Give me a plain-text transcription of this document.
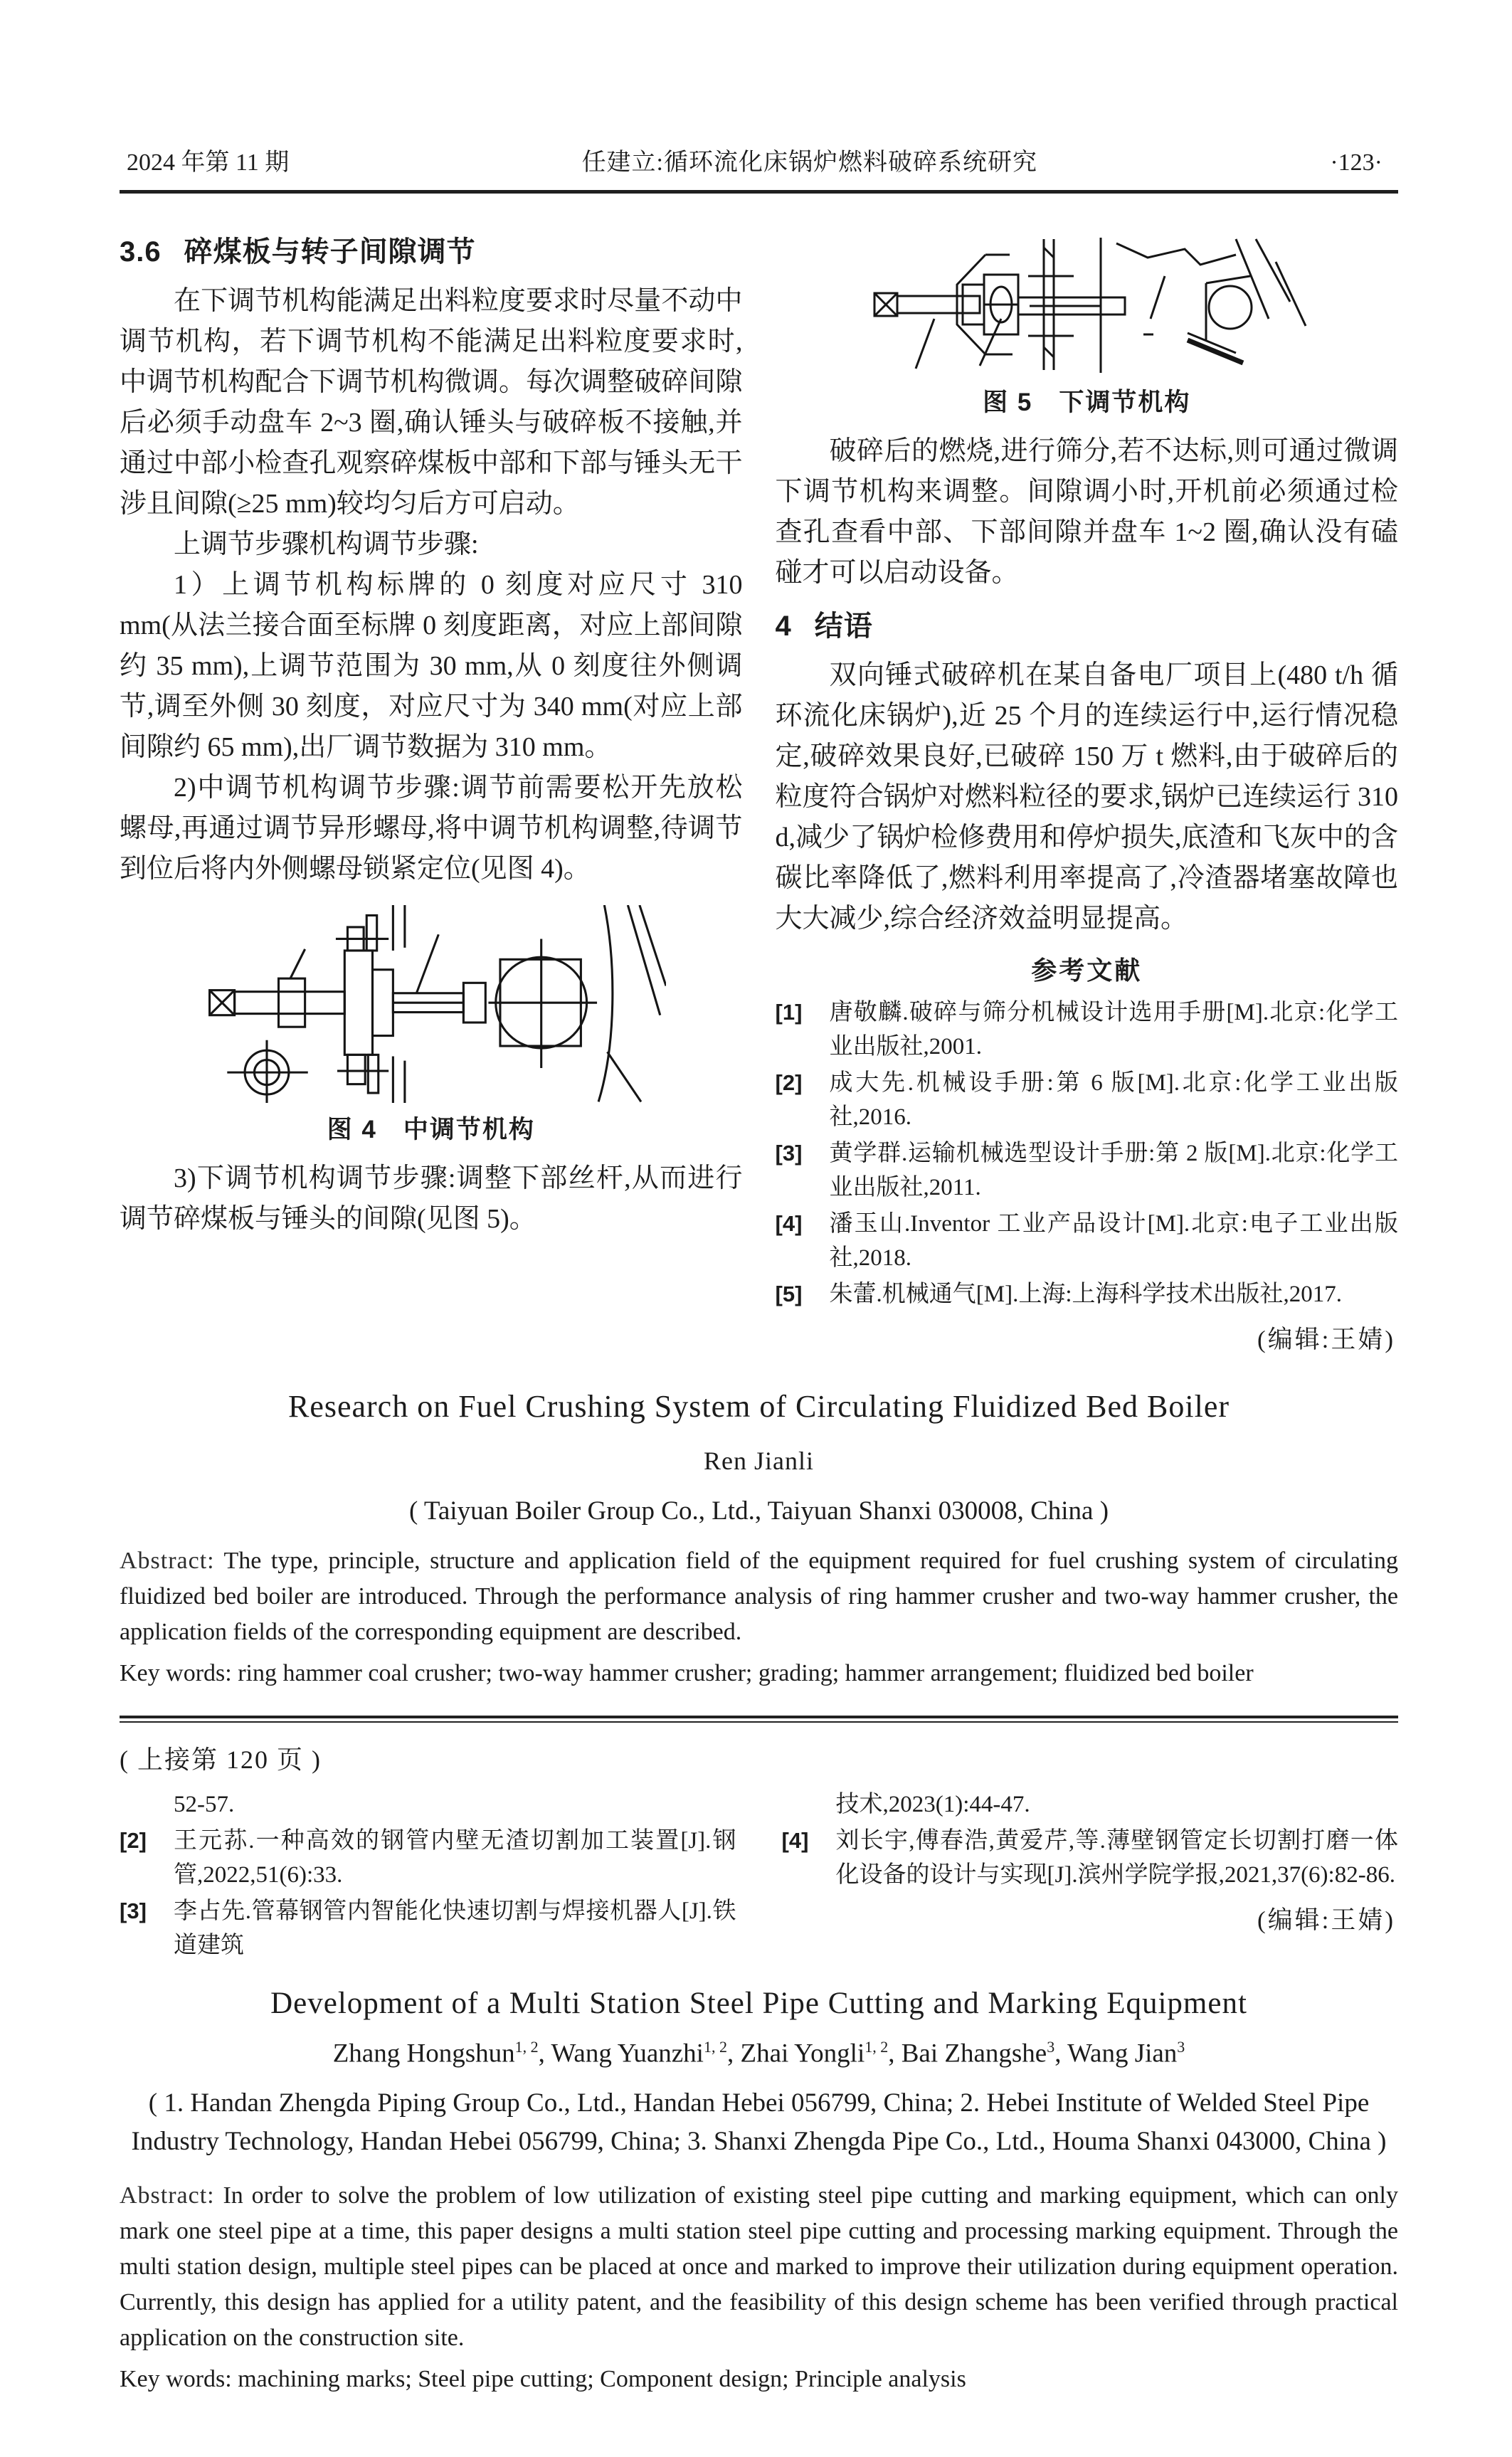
2024 年第 11 期	任建立:循环流化床锅炉燃料破碎系统研究	·123·
3.6 碎煤板与转子间隙调节

在下调节机构能满足出料粒度要求时尽量不动中调节机构，若下调节机构不能满足出料粒度要求时,中调节机构配合下调节机构微调。每次调整破碎间隙后必须手动盘车 2~3 圈,确认锤头与破碎板不接触,并通过中部小检查孔观察碎煤板中部和下部与锤头无干涉且间隙(≥25 mm)较均匀后方可启动。

上调节步骤机构调节步骤:

1）上调节机构标牌的 0 刻度对应尺寸 310 mm(从法兰接合面至标牌 0 刻度距离，对应上部间隙约 35 mm),上调节范围为 30 mm,从 0 刻度往外侧调节,调至外侧 30 刻度，对应尺寸为 340 mm(对应上部间隙约 65 mm),出厂调节数据为 310 mm。

2)中调节机构调节步骤:调节前需要松开先放松螺母,再通过调节异形螺母,将中调节机构调整,待调节到位后将内外侧螺母锁紧定位(见图 4)。

图 4　中调节机构

3)下调节机构调节步骤:调整下部丝杆,从而进行调节碎煤板与锤头的间隙(见图 5)。

图 5　下调节机构

破碎后的燃烧,进行筛分,若不达标,则可通过微调下调节机构来调整。间隙调小时,开机前必须通过检查孔查看中部、下部间隙并盘车 1~2 圈,确认没有磕碰才可以启动设备。

4 结语

双向锤式破碎机在某自备电厂项目上(480 t/h 循环流化床锅炉),近 25 个月的连续运行中,运行情况稳定,破碎效果良好,已破碎 150 万 t 燃料,由于破碎后的粒度符合锅炉对燃料粒径的要求,锅炉已连续运行 310 d,减少了锅炉检修费用和停炉损失,底渣和飞灰中的含碳比率降低了,燃料利用率提高了,冷渣器堵塞故障也大大减少,综合经济效益明显提高。

参考文献
[1]	唐敬麟.破碎与筛分机械设计选用手册[M].北京:化学工业出版社,2001.
[2]	成大先.机械设手册:第 6 版[M].北京:化学工业出版社,2016.
[3]	黄学群.运输机械选型设计手册:第 2 版[M].北京:化学工业出版社,2011.
[4]	潘玉山.Inventor 工业产品设计[M].北京:电子工业出版社,2018.
[5]	朱蕾.机械通气[M].上海:上海科学技术出版社,2017.
(编辑:王婧)
Research on Fuel Crushing System of Circulating Fluidized Bed Boiler
Ren Jianli
( Taiyuan Boiler Group Co., Ltd., Taiyuan Shanxi 030008, China )

Abstract: The type, principle, structure and application field of the equipment required for fuel crushing system of circulating fluidized bed boiler are introduced. Through the performance analysis of ring hammer crusher and two-way hammer crusher, the application fields of the corresponding equipment are described.

Key words: ring hammer coal crusher; two-way hammer crusher; grading; hammer arrangement; fluidized bed boiler

( 上接第 120 页 )
52-57.
[2]	王元荪.一种高效的钢管内壁无渣切割加工装置[J].钢管,2022,51(6):33.
[3]	李占先.管幕钢管内智能化快速切割与焊接机器人[J].铁道建筑
技术,2023(1):44-47.
[4]	刘长宇,傅春浩,黄爱芹,等.薄壁钢管定长切割打磨一体化设备的设计与实现[J].滨州学院学报,2021,37(6):82-86.
(编辑:王婧)
Development of a Multi Station Steel Pipe Cutting and Marking Equipment
Zhang Hongshun$^{1, 2}$, Wang Yuanzhi$^{1, 2}$, Zhai Yongli$^{1, 2}$, Bai Zhangshe$^3$, Wang Jian$^3$
( 1. Handan Zhengda Piping Group Co., Ltd., Handan Hebei 056799, China; 2. Hebei Institute of Welded Steel Pipe Industry Technology, Handan Hebei 056799, China; 3. Shanxi Zhengda Pipe Co., Ltd., Houma Shanxi 043000, China )

Abstract: In order to solve the problem of low utilization of existing steel pipe cutting and marking equipment, which can only mark one steel pipe at a time, this paper designs a multi station steel pipe cutting and processing marking equipment. Through the multi station design, multiple steel pipes can be placed at once and marked to improve their utilization during equipment operation. Currently, this design has applied for a utility patent, and the feasibility of this design scheme has been verified through practical application on the construction site.

Key words: machining marks; Steel pipe cutting; Component design; Principle analysis
